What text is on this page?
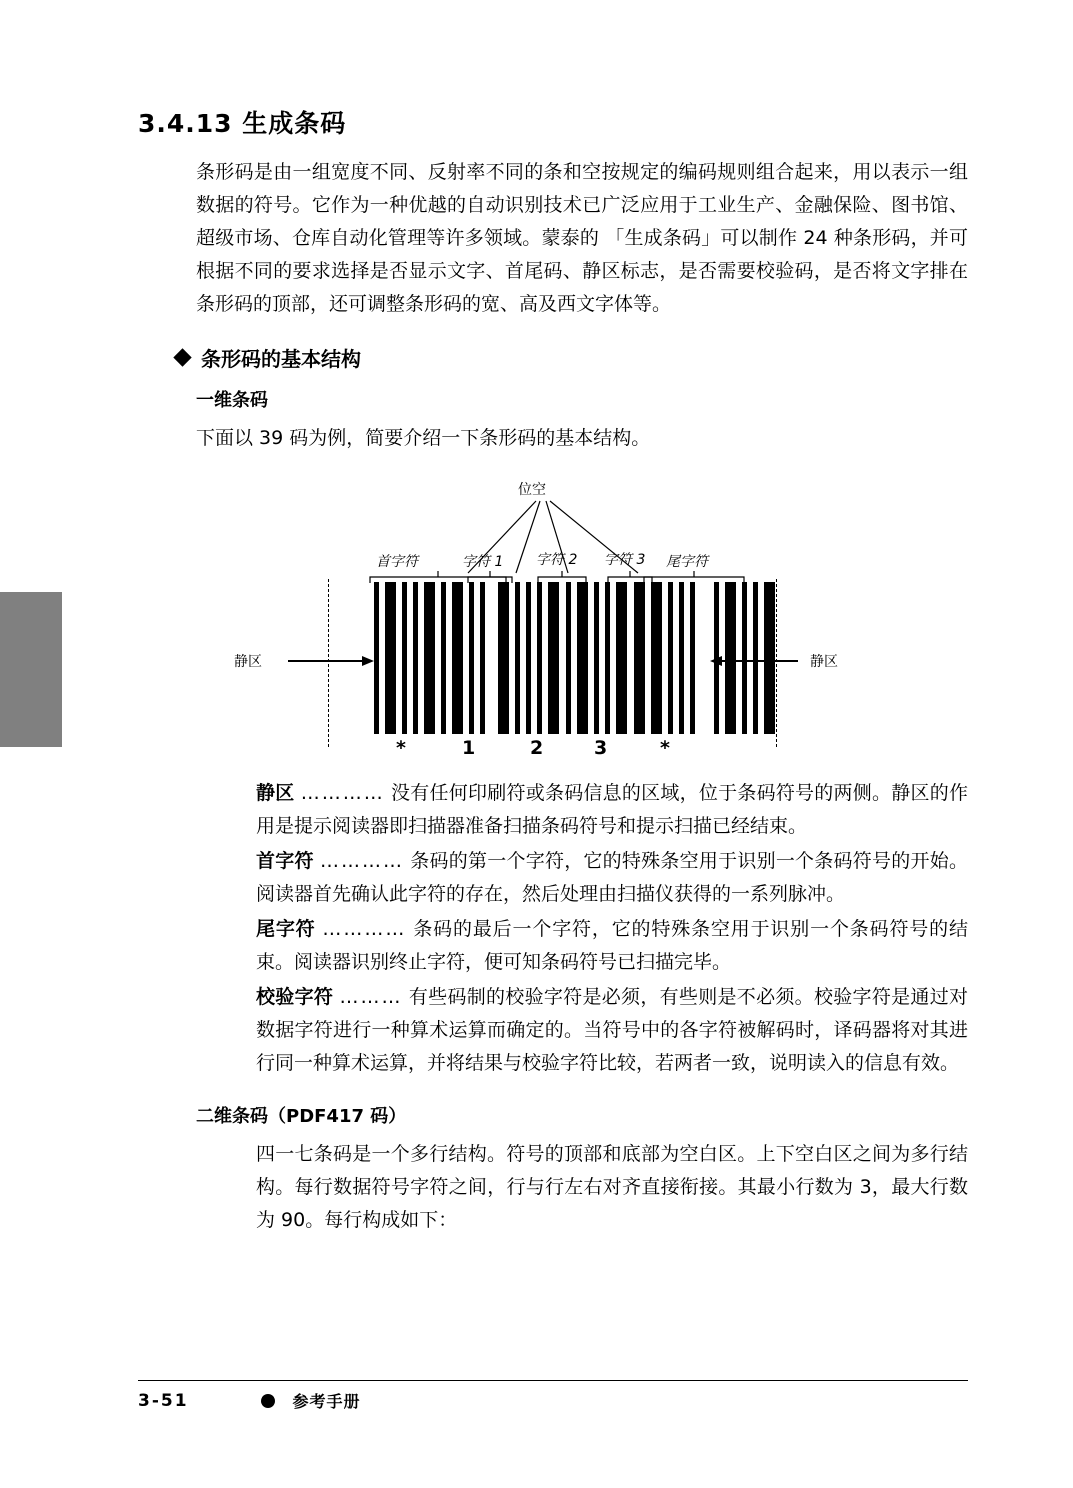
3.4.13 生成条码

条形码是由一组宽度不同、反射率不同的条和空按规定的编码规则组合起来，用以表示一组数据的符号。它作为一种优越的自动识别技术已广泛应用于工业生产、金融保险、图书馆、超级市场、仓库自动化管理等许多领域。蒙泰的 「生成条码」可以制作 24 种条形码，并可根据不同的要求选择是否显示文字、首尾码、静区标志，是否需要校验码，是否将文字排在条形码的顶部，还可调整条形码的宽、高及西文字体等。

条形码的基本结构
一维条码
下面以 39 码为例，简要介绍一下条形码的基本结构。
位空
首字符	字符 1 字符 2 字符 3 尾字符
静区	静区
*	1	2	3	*
静区 ………… 没有任何印刷符或条码信息的区域，位于条码符号的两侧。静区的作用是提示阅读器即扫描器准备扫描条码符号和提示扫描已经结束。
首字符 ………… 条码的第一个字符，它的特殊条空用于识别一个条码符号的开始。阅读器首先确认此字符的存在，然后处理由扫描仪获得的一系列脉冲。
尾字符 ………… 条码的最后一个字符，它的特殊条空用于识别一个条码符号的结束。阅读器识别终止字符，便可知条码符号已扫描完毕。
校验字符 ……… 有些码制的校验字符是必须，有些则是不必须。校验字符是通过对数据字符进行一种算术运算而确定的。当符号中的各字符被解码时，译码器将对其进行同一种算术运算，并将结果与校验字符比较，若两者一致，说明读入的信息有效。
二维条码（PDF417 码）
四一七条码是一个多行结构。符号的顶部和底部为空白区。上下空白区之间为多行结构。每行数据符号字符之间，行与行左右对齐直接衔接。其最小行数为 3，最大行数为 90。每行构成如下：
3-51	参考手册
